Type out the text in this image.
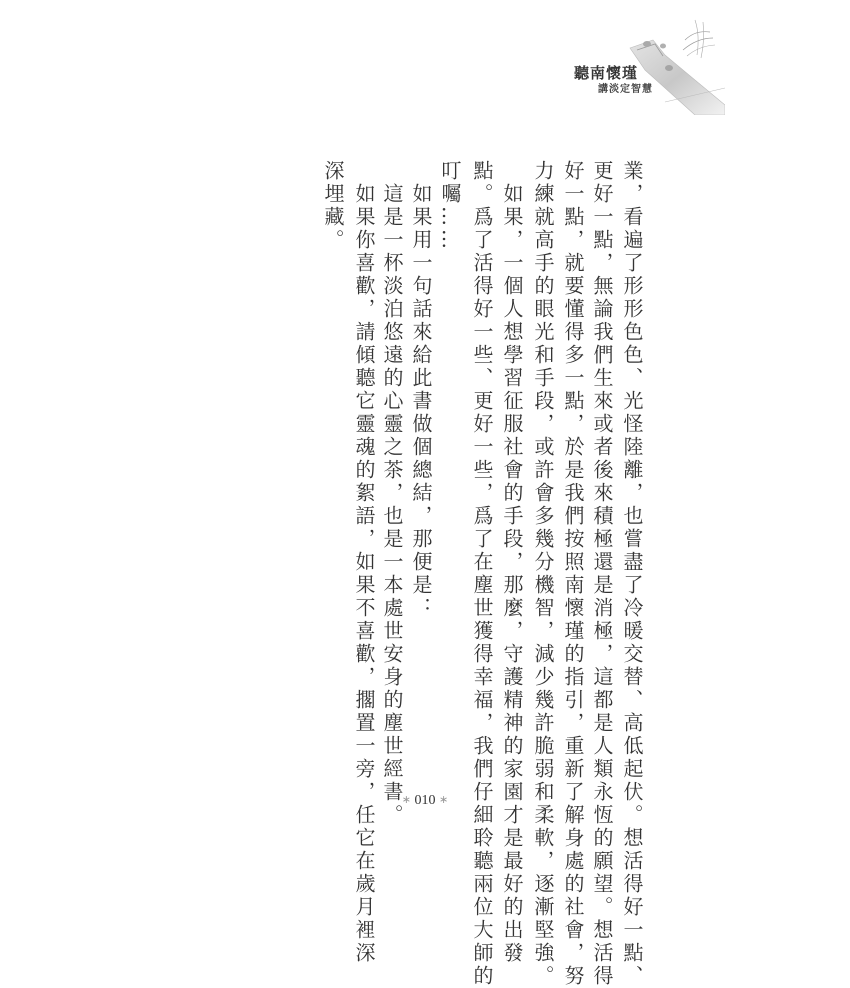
聽南懷瑾
講淡定智慧
業，看遍了形形色色、光怪陸離，也嘗盡了冷暖交替、高低起伏。想活得好一點、
更好一點，無論我們生來或者後來積極還是消極，這都是人類永恆的願望。想活得
好一點，就要懂得多一點，於是我們按照南懷瑾的指引，重新了解身處的社會，努
力練就高手的眼光和手段，或許會多幾分機智，減少幾許脆弱和柔軟，逐漸堅強。
如果，一個人想學習征服社會的手段，那麼，守護精神的家園才是最好的出發
點。爲了活得好一些、更好一些，爲了在塵世獲得幸福，我們仔細聆聽兩位大師的
叮囑……
如果用一句話來給此書做個總結，那便是：
這是一杯淡泊悠遠的心靈之茶，也是一本處世安身的塵世經書。
如果你喜歡，請傾聽它靈魂的絮語，如果不喜歡，擱置一旁，任它在歲月裡深
深埋藏。
∗ 010 ∗
